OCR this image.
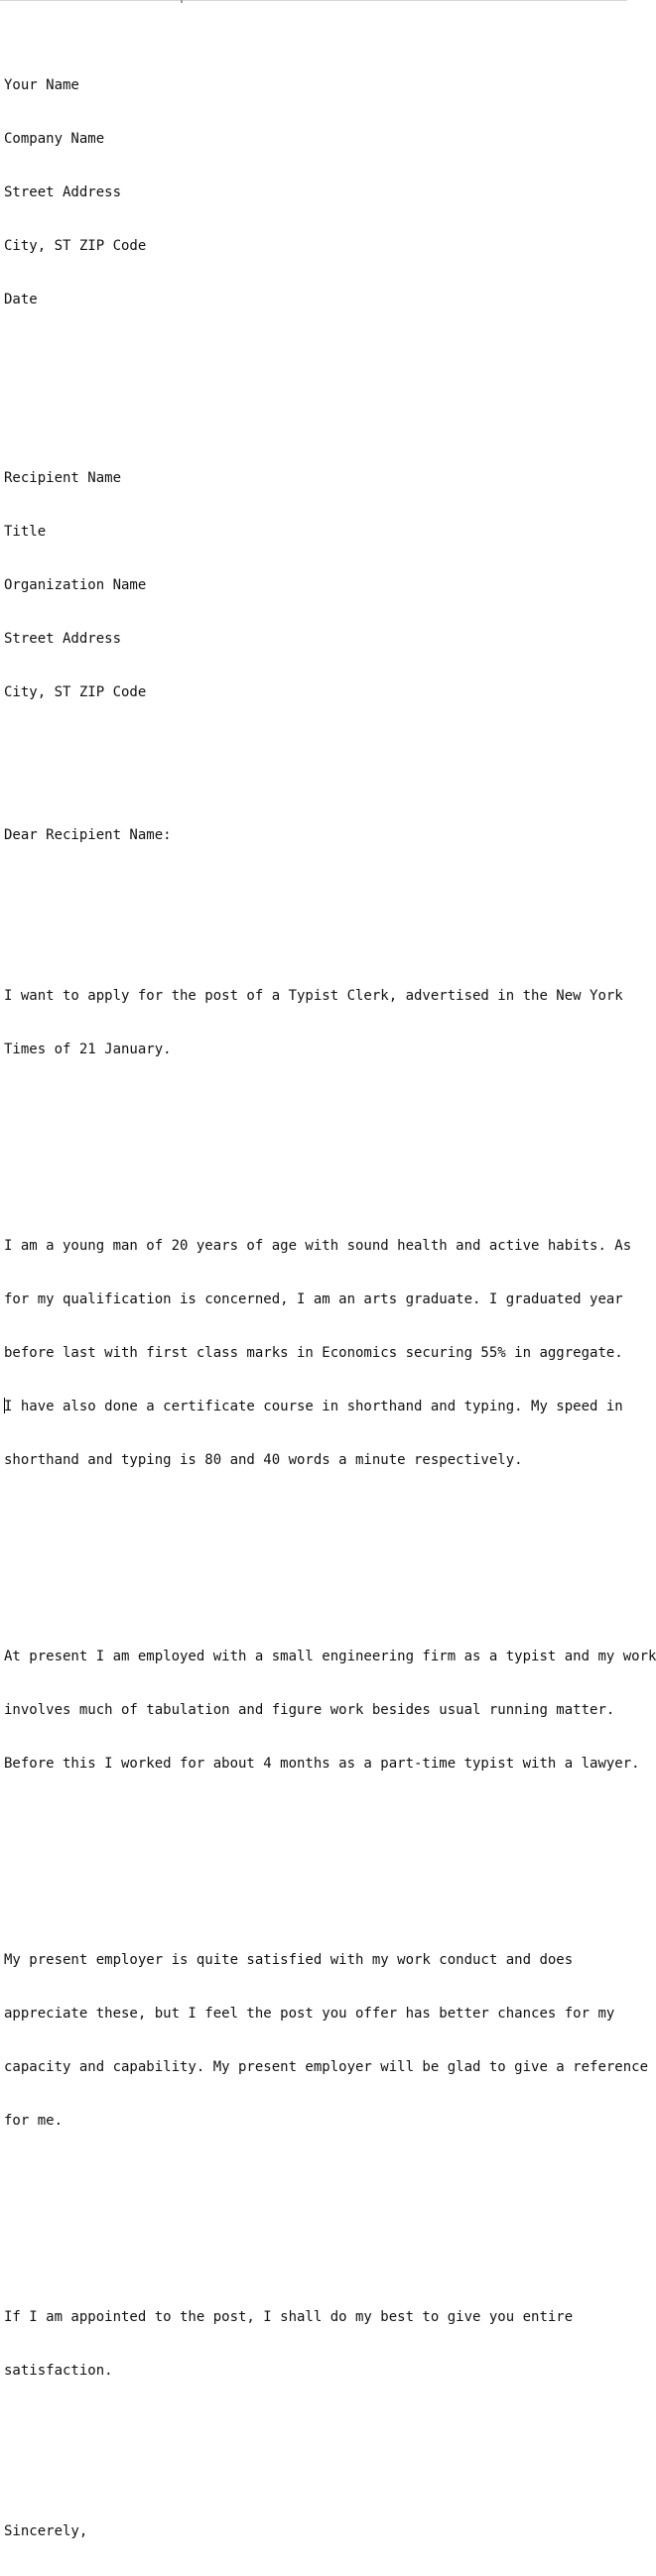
Your Name

Company Name

Street Address

City, ST ZIP Code

Date

Recipient Name

Title

Organization Name

Street Address

City, ST ZIP Code

Dear Recipient Name:

I want to apply for the post of a Typist Clerk, advertised in the New York

Times of 21 January.

I am a young man of 20 years of age with sound health and active habits. As

for my qualification is concerned, I am an arts graduate. I graduated year

before last with first class marks in Economics securing 55% in aggregate.

I have also done a certificate course in shorthand and typing. My speed in

shorthand and typing is 80 and 40 words a minute respectively.

At present I am employed with a small engineering firm as a typist and my work

involves much of tabulation and figure work besides usual running matter.

Before this I worked for about 4 months as a part-time typist with a lawyer.

My present employer is quite satisfied with my work conduct and does

appreciate these, but I feel the post you offer has better chances for my

capacity and capability. My present employer will be glad to give a reference

for me.

If I am appointed to the post, I shall do my best to give you entire

satisfaction.

Sincerely,
